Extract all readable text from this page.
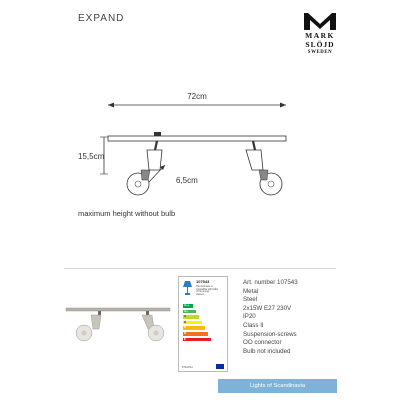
EXPAND
MARK
SLÖJD
SWEDEN
72cm
15,5cm
6,5cm
maximum height without bulb
107543
This luminaire is
compatible with bulbs
of the energy
classes:
A++
A+
A
B
C
D
E
874/2012
Art. number 107543
Metal
Steel
2x15W E27 230V
IP20
Class II
Suspension-screws
OO connector
Bulb not included
Lights of Scandinavia
